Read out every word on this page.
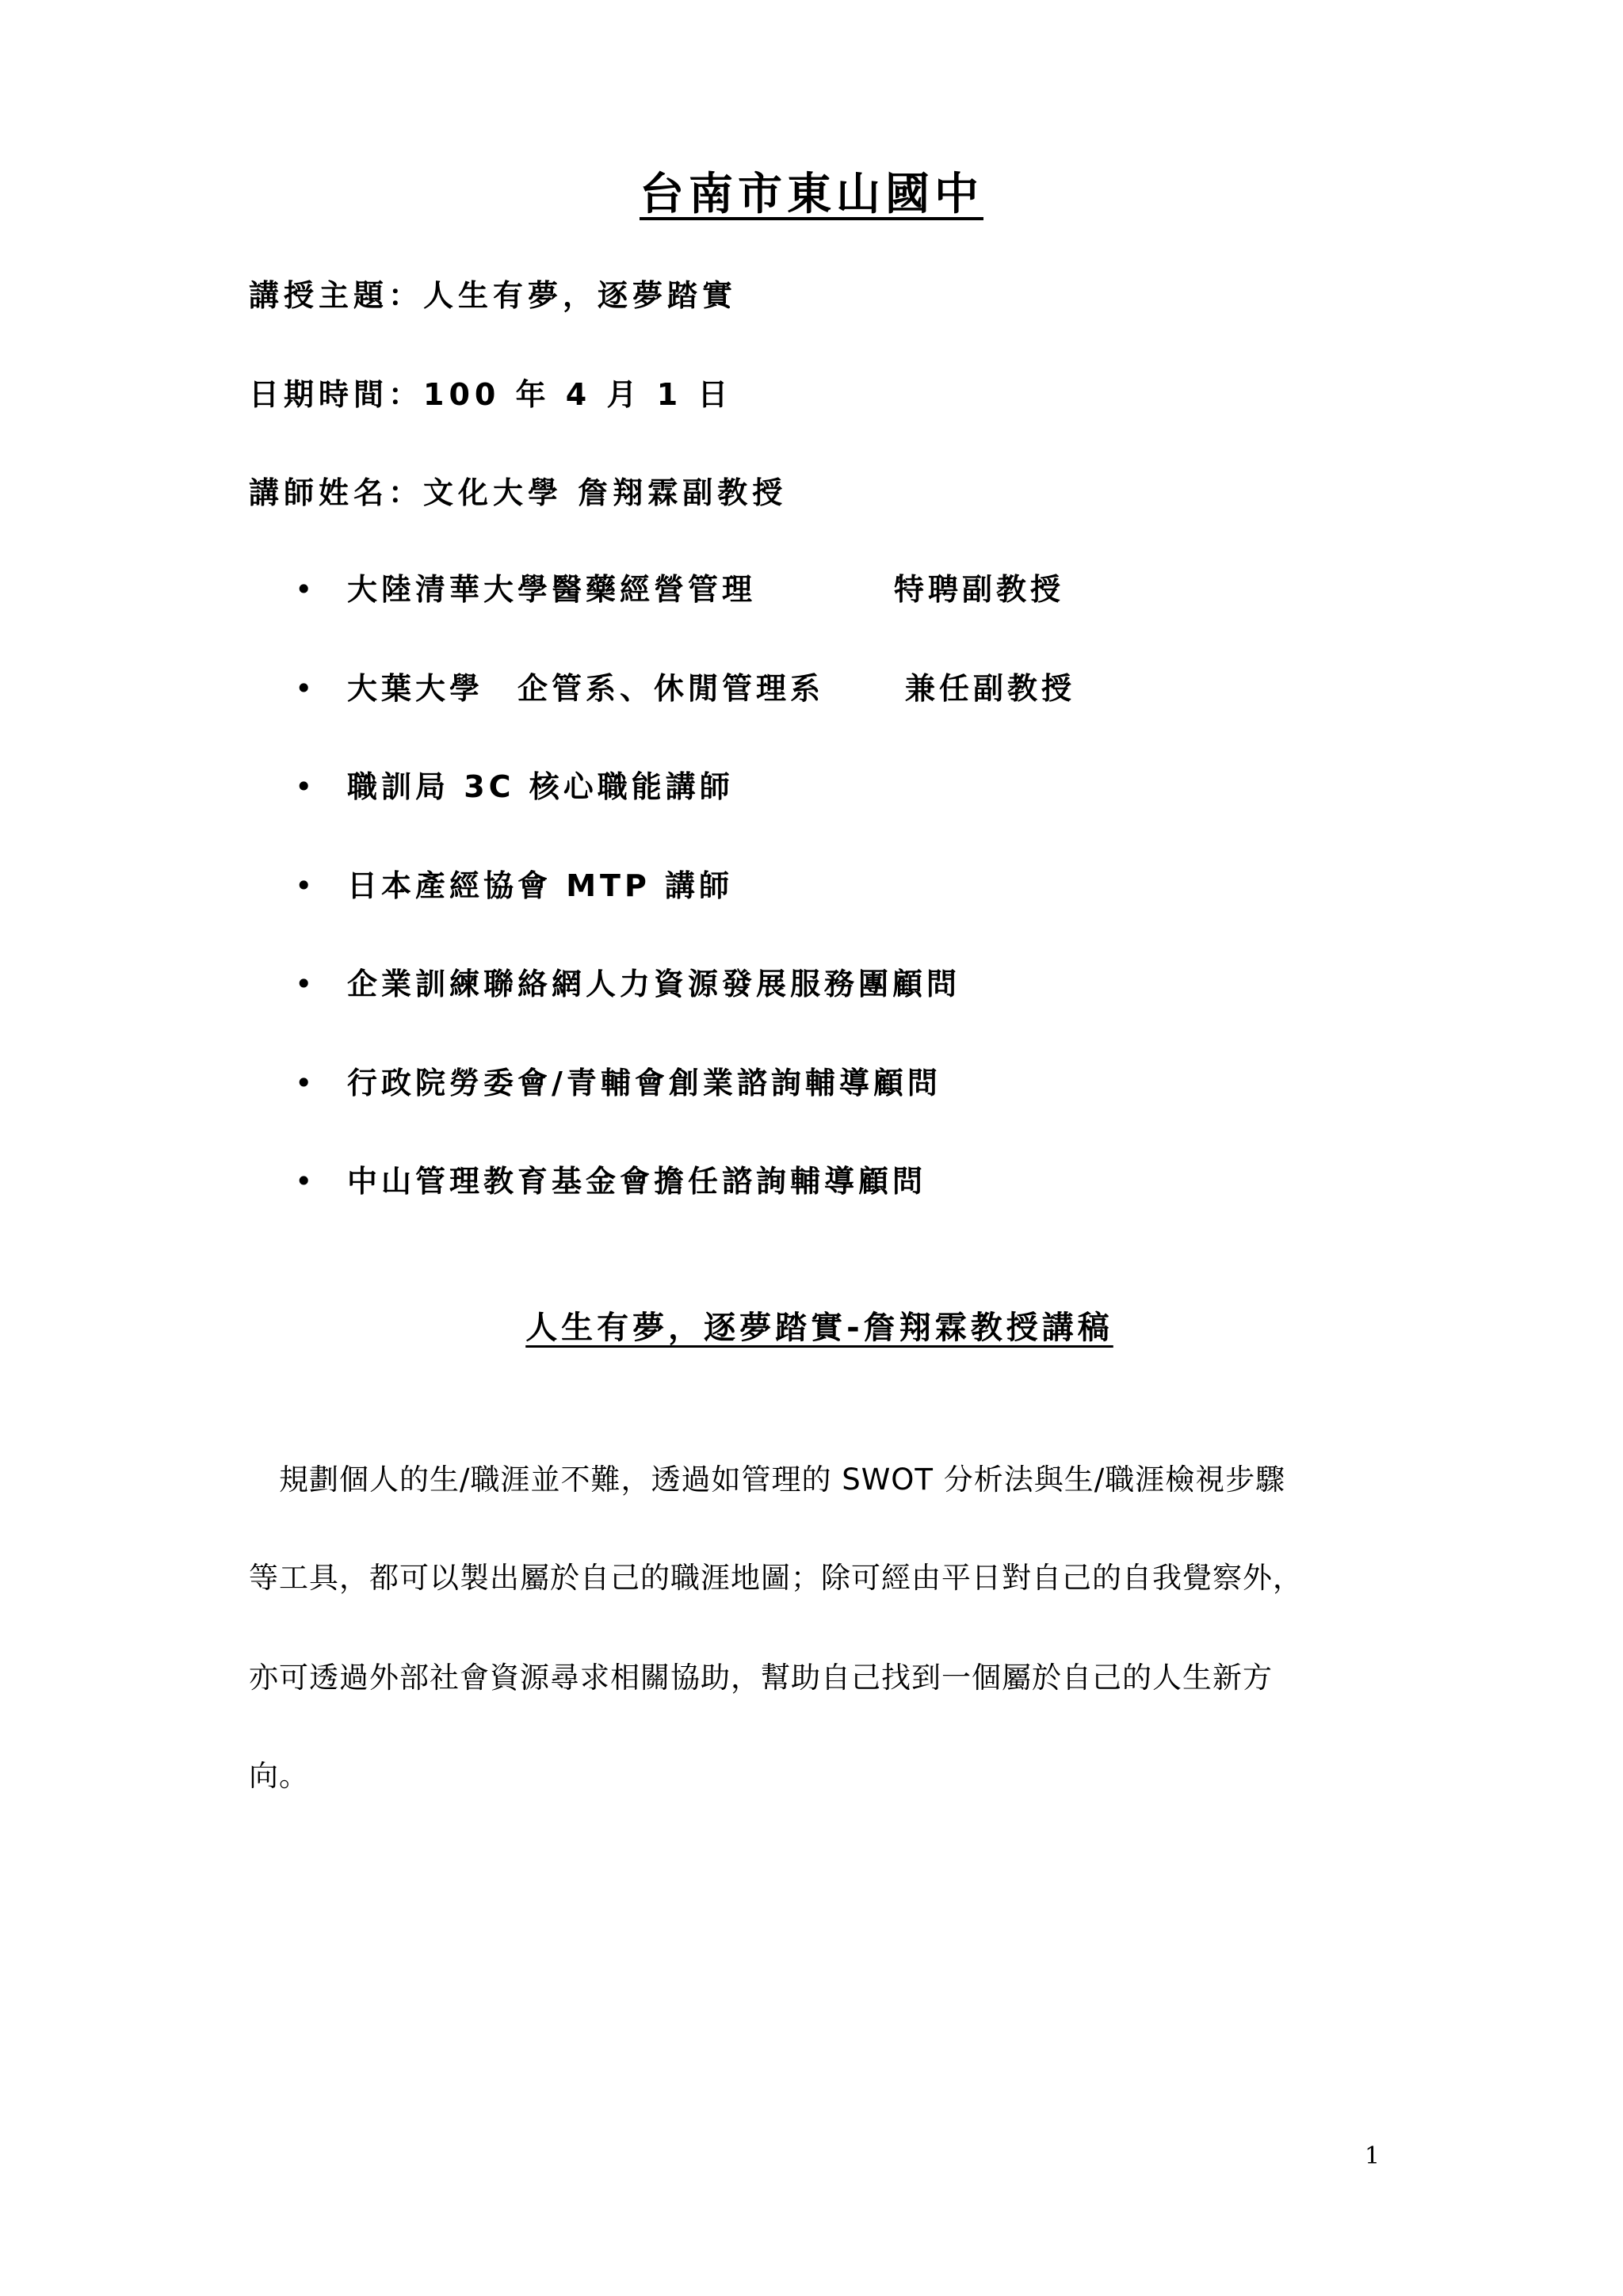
台南市東山國中
講授主題：人生有夢，逐夢踏實
日期時間：100 年 4 月 1 日
講師姓名：文化大學 詹翔霖副教授
• 大陸清華大學醫藥經營管理	特聘副教授
• 大葉大學　企管系、休閒管理系	兼任副教授
• 職訓局 3C 核心職能講師
• 日本產經協會 MTP 講師
• 企業訓練聯絡網人力資源發展服務團顧問
• 行政院勞委會/青輔會創業諮詢輔導顧問
• 中山管理教育基金會擔任諮詢輔導顧問
人生有夢，逐夢踏實-詹翔霖教授講稿
　規劃個人的生/職涯並不難，透過如管理的 SWOT 分析法與生/職涯檢視步驟
等工具，都可以製出屬於自己的職涯地圖；除可經由平日對自己的自我覺察外，
亦可透過外部社會資源尋求相關協助，幫助自己找到一個屬於自己的人生新方
向。
1
